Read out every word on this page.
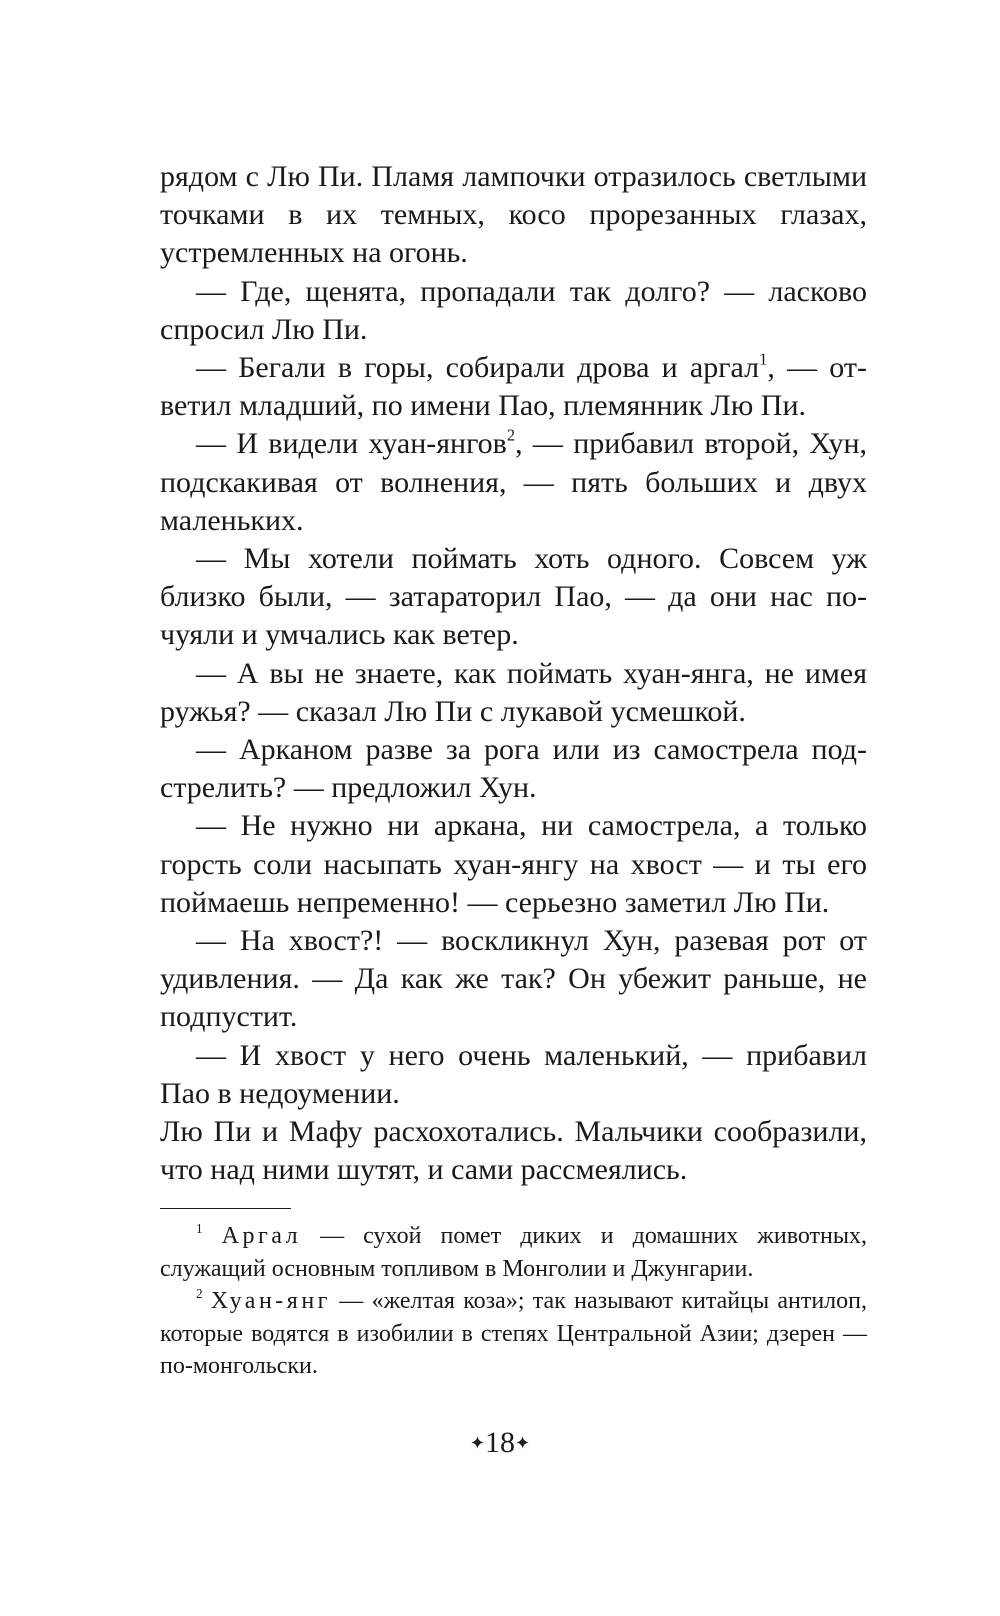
рядом с Лю Пи. Пламя лампочки отразилось светлыми точками в их темных, косо прорезанных глазах, устремленных на огонь.

— Где, щенята, пропадали так долго? — ласково спросил Лю Пи.

— Бегали в горы, собирали дрова и аргал$^1$, — ответил младший, по имени Пао, племянник Лю Пи.

— И видели хуан-янгов$^2$, — прибавил второй, Хун, подскакивая от волнения, — пять больших и двух маленьких.

— Мы хотели поймать хоть одного. Совсем уж близко были, — затараторил Пао, — да они нас почуяли и умчались как ветер.

— А вы не знаете, как поймать хуан-янга, не имея ружья? — сказал Лю Пи с лукавой усмешкой.

— Арканом разве за рога или из самострела подстрелить? — предложил Хун.

— Не нужно ни аркана, ни самострела, а только горсть соли насыпать хуан-янгу на хвост — и ты его поймаешь непременно! — серьезно заметил Лю Пи.

— На хвост?! — воскликнул Хун, разевая рот от удивления. — Да как же так? Он убежит раньше, не подпустит.

— И хвост у него очень маленький, — прибавил Пао в недоумении.

Лю Пи и Мафу расхохотались. Мальчики сообразили, что над ними шутят, и сами рассмеялись.

$^1$ Аргал — сухой помет диких и домашних животных, служащий основным топливом в Монголии и Джунгарии.

$^2$ Хуан-янг — «желтая коза»; так называют китайцы антилоп, которые водятся в изобилии в степях Центральной Азии; дзерен — по-монгольски.

✦18✦
